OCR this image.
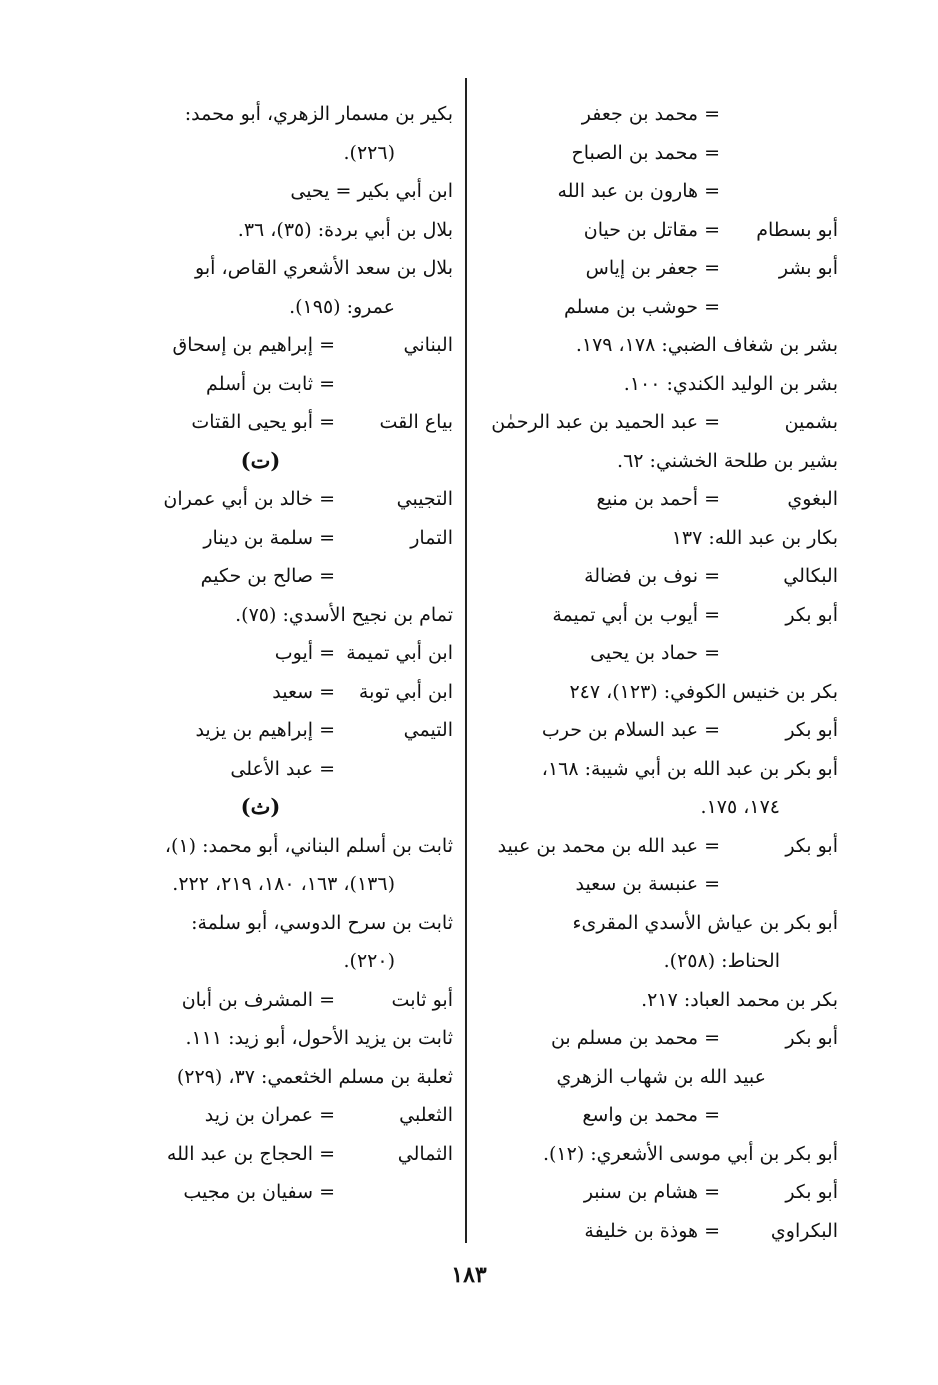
= محمد بن جعفر
= محمد بن الصباح
= هارون بن عبد الله
أبو بسطام
= مقاتل بن حيان
أبو بشر
= جعفر بن إياس
= حوشب بن مسلم
بشر بن شغاف الضبي: ١٧٨، ١٧٩.
بشر بن الوليد الكندي: ١٠٠.
بشمين
= عبد الحميد بن عبد الرحمٰن
بشير بن طلحة الخشني: ٦٢.
البغوي
= أحمد بن منيع
بكار بن عبد الله: ١٣٧
البكالي
= نوف بن فضالة
أبو بكر
= أيوب بن أبي تميمة
= حماد بن يحيى
بكر بن خنيس الكوفي: (١٢٣)، ٢٤٧
أبو بكر
= عبد السلام بن حرب
أبو بكر بن عبد الله بن أبي شيبة: ١٦٨،
١٧٤، ١٧٥.
أبو بكر
= عبد الله بن محمد بن عبيد
= عنبسة بن سعيد
أبو بكر بن عياش الأسدي المقرىء
الحناط: (٢٥٨).
بكر بن محمد العباد: ٢١٧.
أبو بكر
= محمد بن مسلم بن
عبيد الله بن شهاب الزهري
= محمد بن واسع
أبو بكر بن أبي موسى الأشعري: (١٢).
أبو بكر
= هشام بن سنبر
البكراوي
= هوذة بن خليفة
بكير بن مسمار الزهري، أبو محمد:
(٢٢٦).
ابن أبي بكير = يحيى
بلال بن أبي بردة: (٣٥)، ٣٦.
بلال بن سعد الأشعري القاص، أبو
عمرو: (١٩٥).
البناني
= إبراهيم بن إسحاق
= ثابت بن أسلم
بياع القت
= أبو يحيى القتات
(ت)
التجيبي
= خالد بن أبي عمران
التمار
= سلمة بن دينار
= صالح بن حكيم
تمام بن نجيح الأسدي: (٧٥).
ابن أبي تميمة
= أيوب
ابن أبي توبة
= سعيد
التيمي
= إبراهيم بن يزيد
= عبد الأعلى
(ث)
ثابت بن أسلم البناني، أبو محمد: (١)،
(١٣٦)، ١٦٣، ١٨٠، ٢١٩، ٢٢٢.
ثابت بن سرح الدوسي، أبو سلمة:
(٢٢٠).
أبو ثابت
= المشرف بن أبان
ثابت بن يزيد الأحول، أبو زيد: ١١١.
ثعلبة بن مسلم الخثعمي: ٣٧، (٢٢٩)
الثعلبي
= عمران بن زيد
الثمالي
= الحجاج بن عبد الله
= سفيان بن مجيب
١٨٣
